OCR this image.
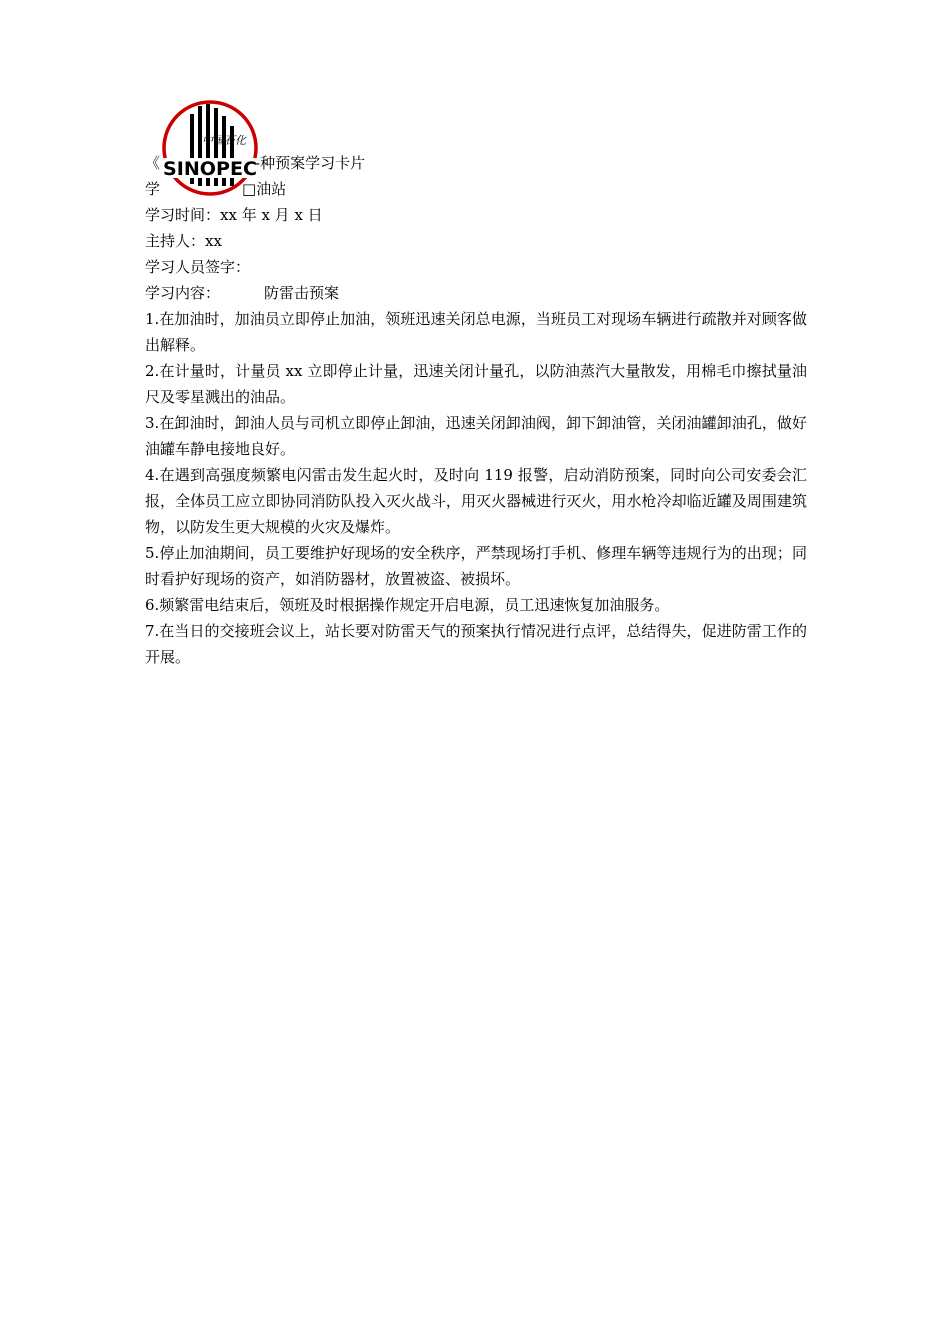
中国石化
SINOPEC
《	-种预案学习卡片
学	□油站
学习时间：xx 年 x 月 x 日
主持人：xx
学习人员签字：
学习内容：	防雷击预案
1.在加油时，加油员立即停止加油，领班迅速关闭总电源，当班员工对现场车辆进行疏散并对顾客做出解释。
2.在计量时，计量员 xx 立即停止计量，迅速关闭计量孔，以防油蒸汽大量散发，用棉毛巾擦拭量油尺及零星溅出的油品。
3.在卸油时，卸油人员与司机立即停止卸油，迅速关闭卸油阀，卸下卸油管，关闭油罐卸油孔，做好油罐车静电接地良好。
4.在遇到高强度频繁电闪雷击发生起火时，及时向 119 报警，启动消防预案，同时向公司安委会汇报，全体员工应立即协同消防队投入灭火战斗，用灭火器械进行灭火，用水枪冷却临近罐及周围建筑物，以防发生更大规模的火灾及爆炸。
5.停止加油期间，员工要维护好现场的安全秩序，严禁现场打手机、修理车辆等违规行为的出现；同时看护好现场的资产，如消防器材，放置被盗、被损坏。
6.频繁雷电结束后，领班及时根据操作规定开启电源，员工迅速恢复加油服务。
7.在当日的交接班会议上，站长要对防雷天气的预案执行情况进行点评，总结得失，促进防雷工作的开展。
